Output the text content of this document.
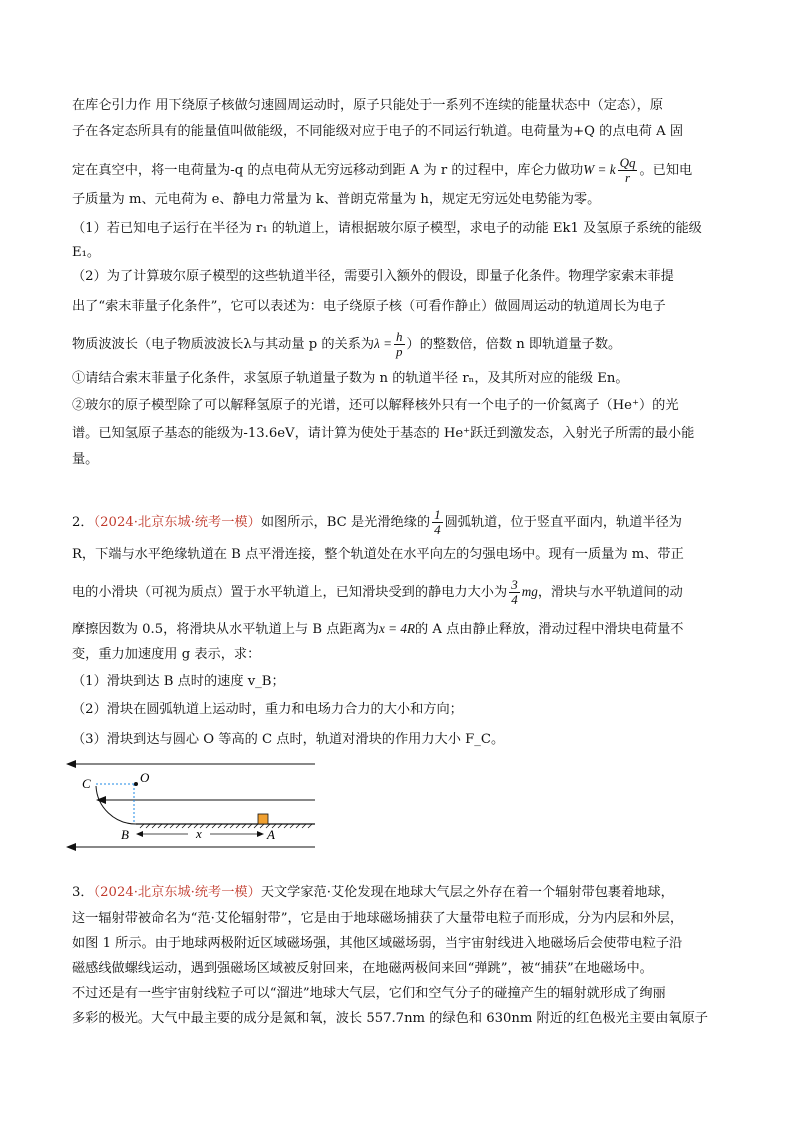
在库仑引力作 用下绕原子核做匀速圆周运动时，原子只能处于一系列不连续的能量状态中（定态），原
子在各定态所具有的能量值叫做能级，不同能级对应于电子的不同运行轨道。电荷量为+Q 的点电荷 A 固
定在真空中，将一电荷量为-q 的点电荷从无穷远移动到距 A 为 r 的过程中，库仑力做功W = k $\frac{Qq}{r}$ 。已知电
子质量为 m、元电荷为 e、静电力常量为 k、普朗克常量为 h，规定无穷远处电势能为零。
（1）若已知电子运行在半径为 r₁ 的轨道上，请根据玻尔原子模型，求电子的动能 Ek1 及氢原子系统的能级
E₁。
（2）为了计算玻尔原子模型的这些轨道半径，需要引入额外的假设，即量子化条件。物理学家索末菲提
出了“索末菲量子化条件”，它可以表述为：电子绕原子核（可看作静止）做圆周运动的轨道周长为电子
物质波波长（电子物质波波长λ与其动量 p 的关系为$\lambda = \frac{h}{p}$ ）的整数倍，倍数 n 即轨道量子数。
①请结合索末菲量子化条件，求氢原子轨道量子数为 n 的轨道半径 rₙ，及其所对应的能级 En。
②玻尔的原子模型除了可以解释氢原子的光谱，还可以解释核外只有一个电子的一价氦离子（He⁺）的光
谱。已知氢原子基态的能级为-13.6eV，请计算为使处于基态的 He⁺跃迁到激发态，入射光子所需的最小能
量。
2．（2024·北京东城·统考一模）如图所示，BC 是光滑绝缘的 $\frac{1}{4}$ 圆弧轨道，位于竖直平面内，轨道半径为
R，下端与水平绝缘轨道在 B 点平滑连接，整个轨道处在水平向左的匀强电场中。现有一质量为 m、带正
电的小滑块（可视为质点）置于水平轨道上，已知滑块受到的静电力大小为 $\frac{3}{4}$ mg，滑块与水平轨道间的动
摩擦因数为 0.5，将滑块从水平轨道上与 B 点距离为x = 4R的 A 点由静止释放，滑动过程中滑块电荷量不
变，重力加速度用 g 表示，求：
（1）滑块到达 B 点时的速度 v_B；
（2）滑块在圆弧轨道上运动时，重力和电场力合力的大小和方向；
（3）滑块到达与圆心 O 等高的 C 点时，轨道对滑块的作用力大小 F_C。
C	O
B	x	A
3．（2024·北京东城·统考一模）天文学家范·艾伦发现在地球大气层之外存在着一个辐射带包裹着地球，
这一辐射带被命名为“范·艾伦辐射带”，它是由于地球磁场捕获了大量带电粒子而形成，分为内层和外层，
如图 1 所示。由于地球两极附近区域磁场强，其他区域磁场弱，当宇宙射线进入地磁场后会使带电粒子沿
磁感线做螺线运动，遇到强磁场区域被反射回来，在地磁两极间来回“弹跳”，被“捕获”在地磁场中。
不过还是有一些宇宙射线粒子可以“溜进”地球大气层，它们和空气分子的碰撞产生的辐射就形成了绚丽
多彩的极光。大气中最主要的成分是氮和氧，波长 557.7nm 的绿色和 630nm 附近的红色极光主要由氧原子
